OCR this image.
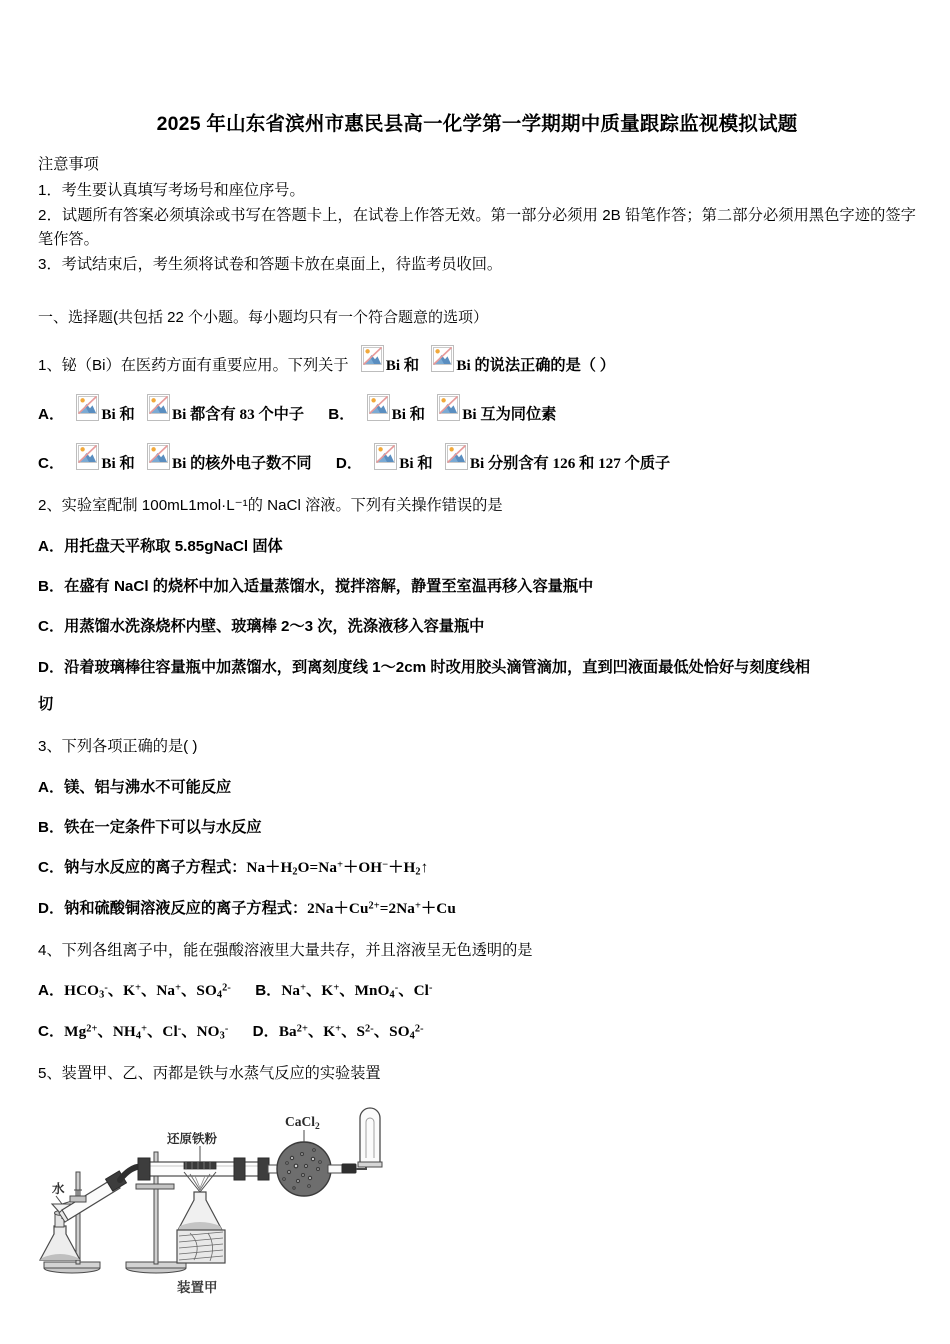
2025 年山东省滨州市惠民县高一化学第一学期期中质量跟踪监视模拟试题
注意事项
1．考生要认真填写考场号和座位序号。
2．试题所有答案必须填涂或书写在答题卡上，在试卷上作答无效。第一部分必须用 2B 铅笔作答；第二部分必须用黑色字迹的签字笔作答。
3．考试结束后，考生须将试卷和答题卡放在桌面上，待监考员收回。
一、选择题(共包括 22 个小题。每小题均只有一个符合题意的选项）
1、铋（Bi）在医药方面有重要应用。下列关于 Bi 和 Bi 的说法正确的是（ ）
A． Bi 和 Bi 都含有 83 个中子 B． Bi 和 Bi 互为同位素
C． Bi 和 Bi 的核外电子数不同 D． Bi 和 Bi 分别含有 126 和 127 个质子
2、实验室配制 100mL1mol·L⁻¹的 NaCl 溶液。下列有关操作错误的是
A．用托盘天平称取 5.85gNaCl 固体
B．在盛有 NaCl 的烧杯中加入适量蒸馏水，搅拌溶解，静置至室温再移入容量瓶中
C．用蒸馏水洗涤烧杯内壁、玻璃棒 2～3 次，洗涤液移入容量瓶中
D．沿着玻璃棒往容量瓶中加蒸馏水，到离刻度线 1～2cm 时改用胶头滴管滴加，直到凹液面最低处恰好与刻度线相
切
3、下列各项正确的是( )
A．镁、铝与沸水不可能反应
B．铁在一定条件下可以与水反应
C．钠与水反应的离子方程式：$Na+H_2O=Na^++OH^-+H_2↑$
D．钠和硫酸铜溶液反应的离子方程式：$2Na+Cu^{2+}=2Na^++Cu$
4、下列各组离子中，能在强酸溶液里大量共存，并且溶液呈无色透明的是
A．$HCO_3^-$、K+、Na+、$SO_4^{2-}$ B．Na+、K+、MnO$_4$-、Cl-
C．$Mg^{2+}$、$NH_4^+$、Cl-、$NO_3^-$ D．$Ba^{2+}$、K+、$S^{2-}$、$SO_4^{2-}$
5、装置甲、乙、丙都是铁与水蒸气反应的实验装置
水
还原铁粉
CaCl$_2$
装置甲
